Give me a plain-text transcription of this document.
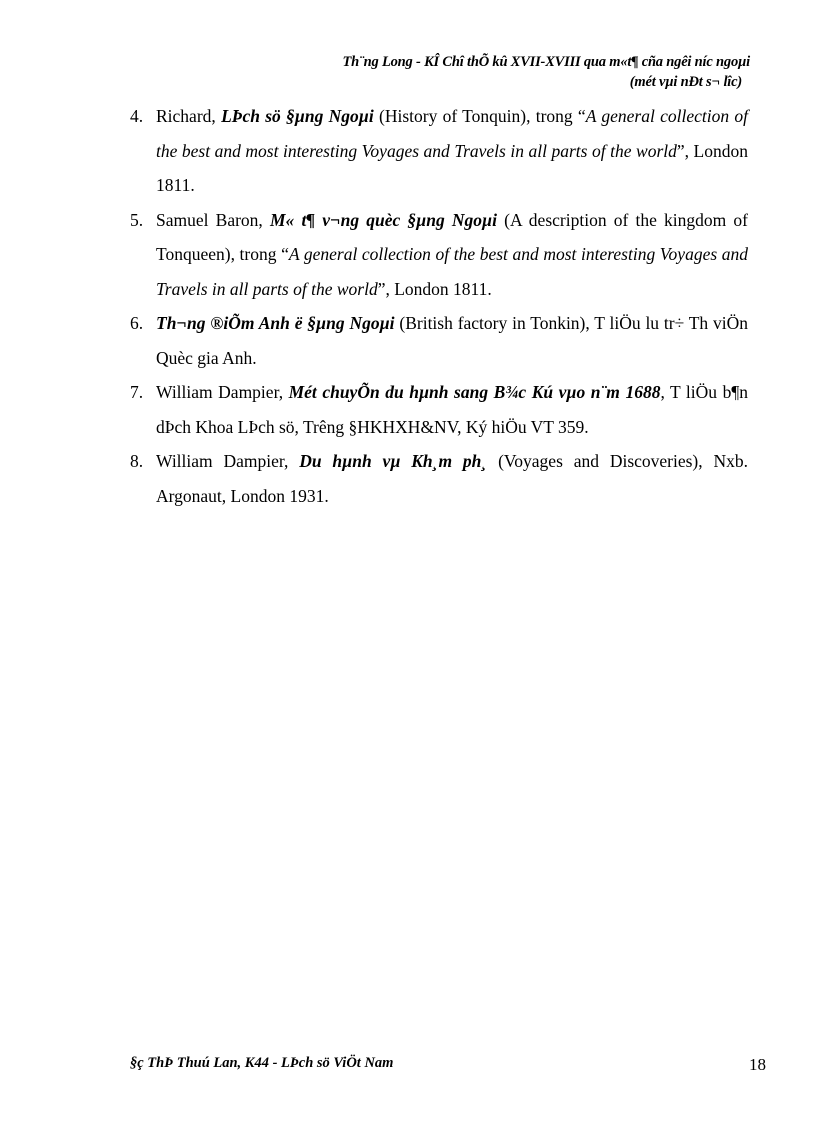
Th¨ng Long - KÎ Chî thÕ kû XVII-XVIII qua m«t¶ cña ngêi níc ngoµi
(mét vµi nÐt s¬ lîc)
4. Richard, LÞch sö §µng Ngoµi (History of Tonquin), trong “A general collection of the best and most interesting Voyages and Travels in all parts of the world”, London 1811.
5. Samuel Baron, M« t¶ v¬ng quèc §µng Ngoµi (A description of the kingdom of Tonqueen), trong “A general collection of the best and most interesting Voyages and Travels in all parts of the world”, London 1811.
6. Th¬ng ®iÕm Anh ë §µng Ngoµi (British factory in Tonkin), T liÖu lu tr÷ Th viÖn Quèc gia Anh.
7. William Dampier, Mét chuyÕn du hµnh sang B¾c Kú vµo n¨m 1688, T liÖu b¶n dÞch Khoa LÞch sö, Trêng §HKHXH&NV, Ký hiÖu VT 359.
8. William Dampier, Du hµnh vµ Kh¸m ph¸ (Voyages and Discoveries), Nxb. Argonaut, London 1931.
§ç ThÞ Thuú Lan, K44 - LÞch sö ViÖt Nam	18
